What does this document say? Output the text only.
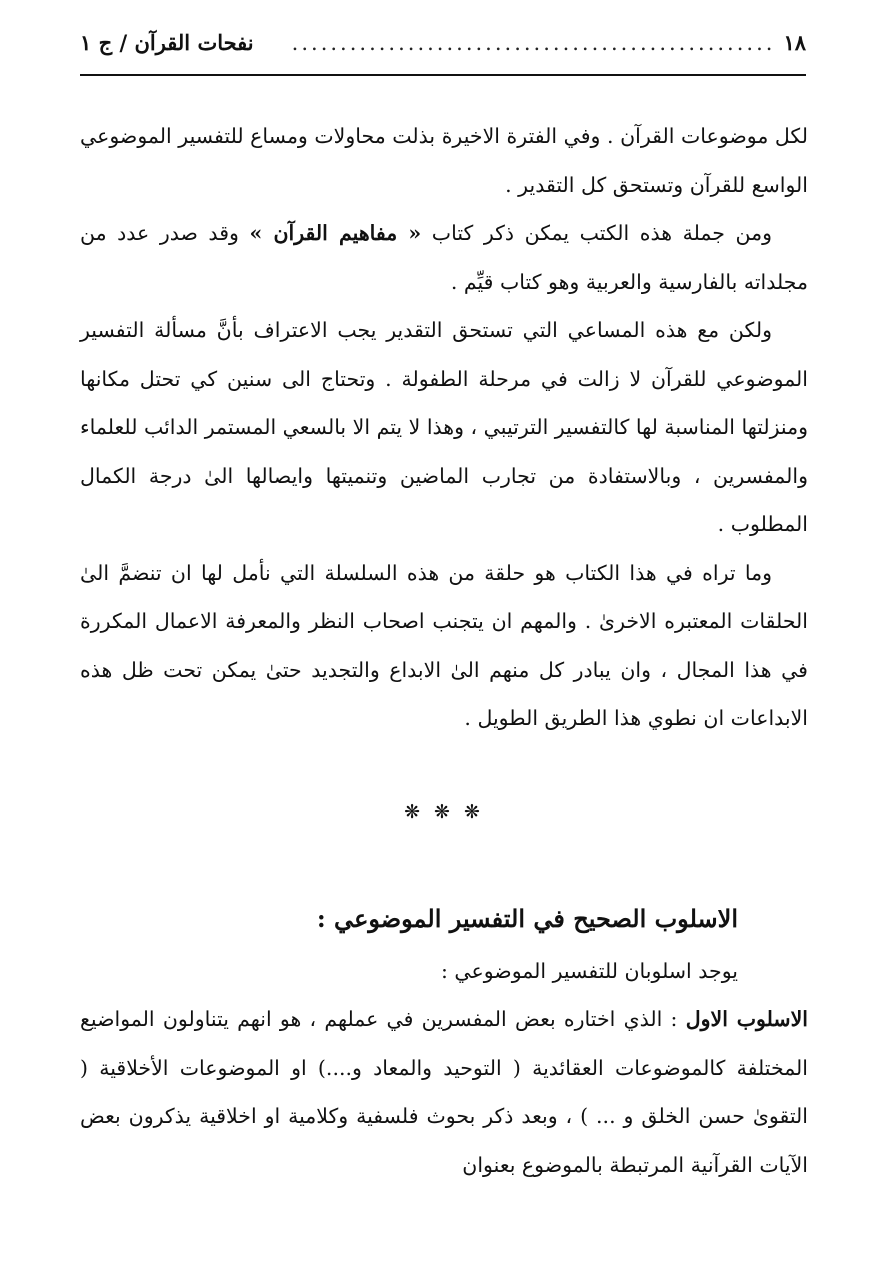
١٨
..................................................
نفحات القرآن / ج ١

لكل موضوعات القرآن . وفي الفترة الاخيرة بذلت محاولات ومساع للتفسير الموضوعي الواسع للقرآن وتستحق كل التقدير .

ومن جملة هذه الكتب يمكن ذكر كتاب « مفاهيم القرآن » وقد صدر عدد من مجلداته بالفارسية والعربية وهو كتاب قيِّم .

ولكن مع هذه المساعي التي تستحق التقدير يجب الاعتراف بأنَّ مسألة التفسير الموضوعي للقرآن لا زالت في مرحلة الطفولة . وتحتاج الى سنين كي تحتل مكانها ومنزلتها المناسبة لها كالتفسير الترتيبي ، وهذا لا يتم الا بالسعي المستمر الدائب للعلماء والمفسرين ، وبالاستفادة من تجارب الماضين وتنميتها وايصالها الىٰ درجة الكمال المطلوب .

وما تراه في هذا الكتاب هو حلقة من هذه السلسلة التي نأمل لها ان تنضمَّ الىٰ الحلقات المعتبره الاخرىٰ . والمهم ان يتجنب اصحاب النظر والمعرفة الاعمال المكررة في هذا المجال ، وان يبادر كل منهم الىٰ الابداع والتجديد حتىٰ يمكن تحت ظل هذه الابداعات ان نطوي هذا الطريق الطويل .

❋ ❋ ❋

الاسلوب الصحيح في التفسير الموضوعي :

يوجد اسلوبان للتفسير الموضوعي :

الاسلوب الاول : الذي اختاره بعض المفسرين في عملهم ، هو انهم يتناولون المواضيع المختلفة كالموضوعات العقائدية ( التوحيد والمعاد و....) او الموضوعات الأخلاقية ( التقوىٰ حسن الخلق و ... ) ، وبعد ذكر بحوث فلسفية وكلامية او اخلاقية يذكرون بعض الآيات القرآنية المرتبطة بالموضوع بعنوان
